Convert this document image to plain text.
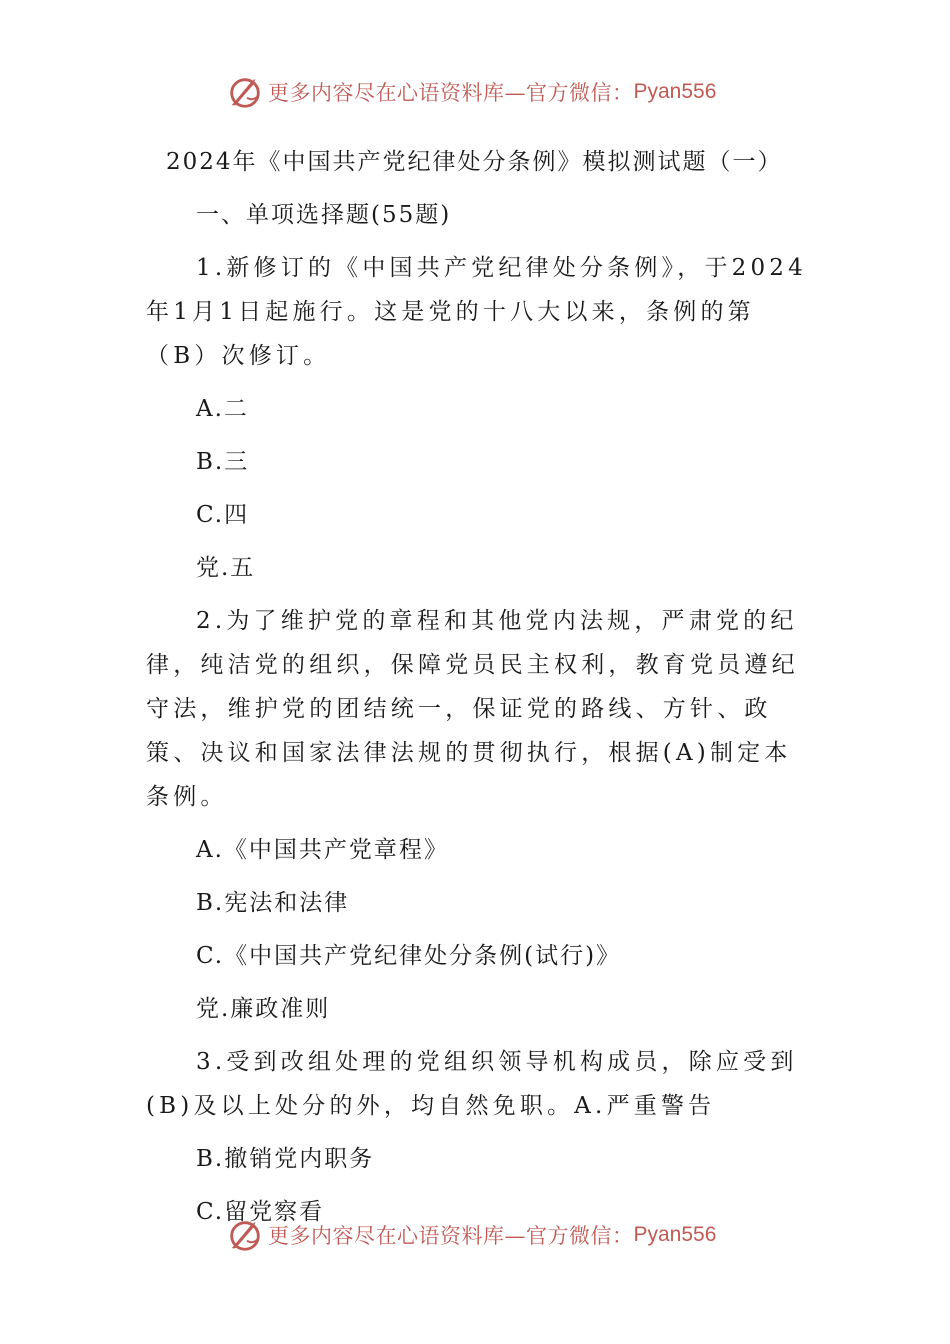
更多内容尽在心语资料库—官方微信： Pyan556
2024年《中国共产党纪律处分条例》模拟测试题（一）
一、单项选择题(55题)
1.新修订的《中国共产党纪律处分条例》，于2024年1月1日起施行。这是党的十八大以来，条例的第（B）次修订。
A.二
B.三
C.四
党.五
2.为了维护党的章程和其他党内法规，严肃党的纪律，纯洁党的组织，保障党员民主权利，教育党员遵纪守法，维护党的团结统一，保证党的路线、方针、政策、决议和国家法律法规的贯彻执行，根据(A)制定本条例。
A.《中国共产党章程》
B.宪法和法律
C.《中国共产党纪律处分条例(试行)》
党.廉政准则
3.受到改组处理的党组织领导机构成员，除应受到(B)及以上处分的外，均自然免职。A.严重警告
B.撤销党内职务
C.留党察看
更多内容尽在心语资料库—官方微信： Pyan556
